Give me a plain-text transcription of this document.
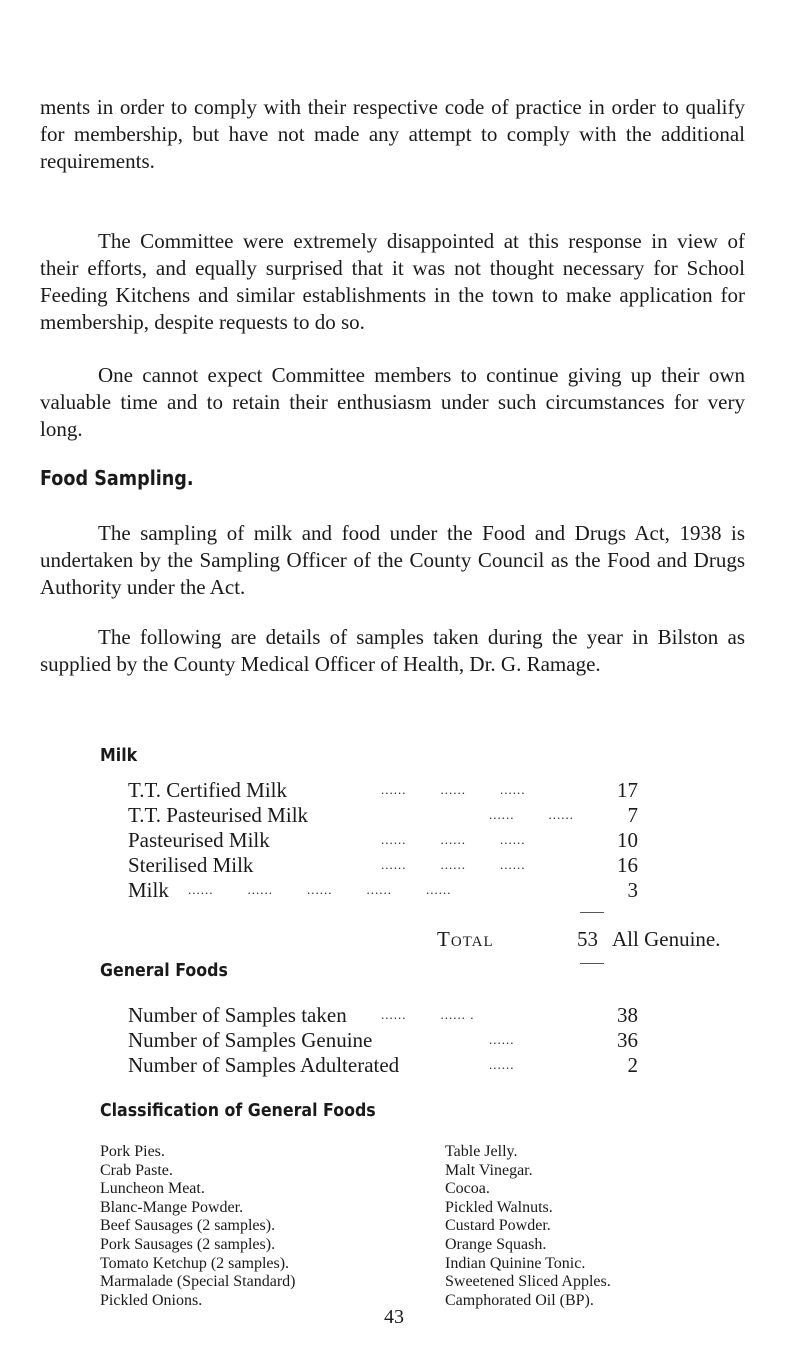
ments in order to comply with their respective code of practice in order to qualify for membership, but have not made any attempt to comply with the additional requirements.

The Committee were extremely disappointed at this response in view of their efforts, and equally surprised that it was not thought necessary for School Feeding Kitchens and similar establishments in the town to make application for membership, despite requests to do so.

One cannot expect Committee members to continue giving up their own valuable time and to retain their enthusiasm under such circumstances for very long.

Food Sampling.

The sampling of milk and food under the Food and Drugs Act, 1938 is undertaken by the Sampling Officer of the County Council as the Food and Drugs Authority under the Act.

The following are details of samples taken during the year in Bilston as supplied by the County Medical Officer of Health, Dr. G. Ramage.

Milk
T.T. Certified Milk	......        ......        ......	17
T.T. Pasteurised Milk	......        ......	7
Pasteurised Milk	......        ......        ......	10
Sterilised Milk	......        ......        ......	16
Milk ......        ......        ......        ......        ......	3
Total	53 All Genuine.
General Foods
Number of Samples taken	......        ...... .	38
Number of Samples Genuine	......	36
Number of Samples Adulterated	......	2
Classification of General Foods
Pork Pies.
Crab Paste.
Luncheon Meat.
Blanc-Mange Powder.
Beef Sausages (2 samples).
Pork Sausages (2 samples).
Tomato Ketchup (2 samples).
Marmalade (Special Standard)
Pickled Onions.
Table Jelly.
Malt Vinegar.
Cocoa.
Pickled Walnuts.
Custard Powder.
Orange Squash.
Indian Quinine Tonic.
Sweetened Sliced Apples.
Camphorated Oil (BP).
43
